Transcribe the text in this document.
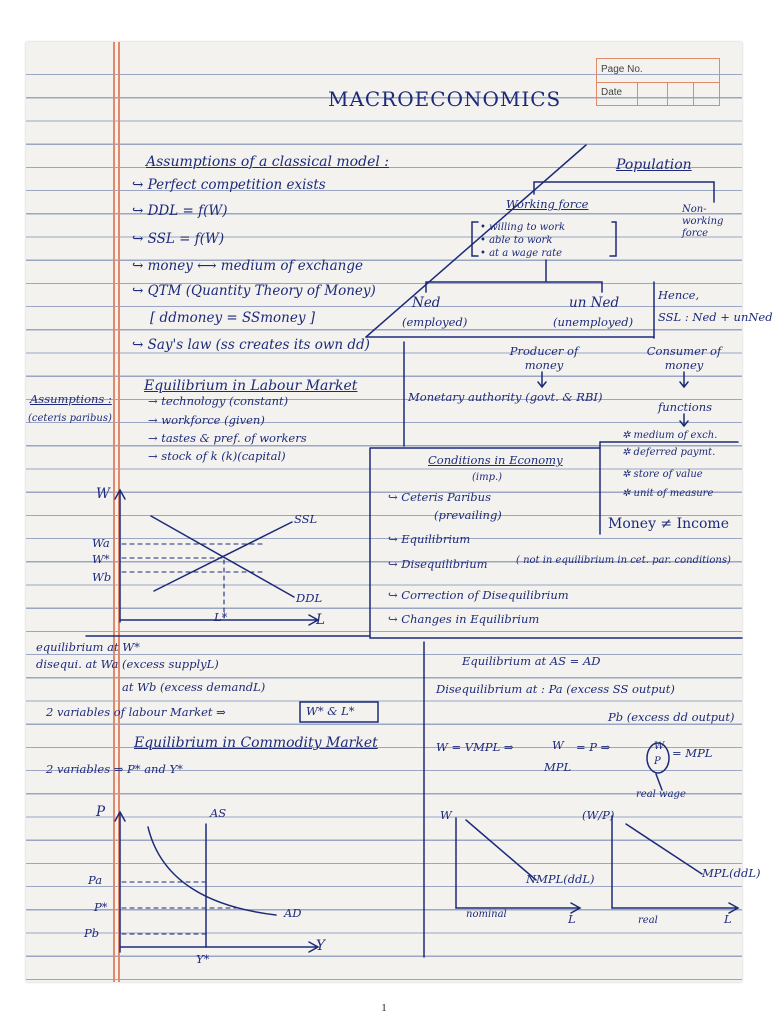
Page No.
Date
MACROECONOMICS
Assumptions of a classical model :
↪ Perfect competition exists
↪ DDL = f(W)
↪ SSL = f(W)
↪ money ⟷ medium of exchange
↪ QTM (Quantity Theory of Money)
[ ddmoney = SSmoney ]
↪ Say's law (ss creates its own dd)
Population
Working force	Non-working force
• willing to work
• able to work
• at a wage rate
Ned
(employed)
un Ned
(unemployed)
Hence,
SSL : Ned + unNed
Producer of money
Consumer of money
Monetary authority (govt. & RBI)
functions
✲ medium of exch.
✲ deferred paymt.
✲ store of value
✲ unit of measure
Money ≠ Income
Equilibrium in Labour Market
Assumptions :
(ceteris paribus)
→ technology (constant)
→ workforce (given)
→ tastes & pref. of workers
→ stock of k (k)(capital)
W
L
SSL
DDL
Wa
W*
Wb
L*
Conditions in Economy
(imp.)
↪ Ceteris Paribus
(prevailing)
↪ Equilibrium
↪ Disequilibrium	( not in equilibrium in cet. par. conditions)
↪ Correction of Disequilibrium
↪ Changes in Equilibrium
equilibrium at W*
disequi. at Wa (excess supplyL)
at Wb (excess demandL)
2 variables of labour Market ⇒	W* & L*
Equilibrium in Commodity Market
2 variables ⇒ P* and Y*
P
Y
AS
AD
Pa
P*
Pb
Y*
Equilibrium at AS = AD
Disequilibrium at : Pa (excess SS output)
Pb (excess dd output)
W = VMPL ⇒	W
MPL
= P ⇒	W
P
= MPL
real wage
W
L
NMPL(ddL)
nominal
(W/P)
L
MPL(ddL)
real
1
